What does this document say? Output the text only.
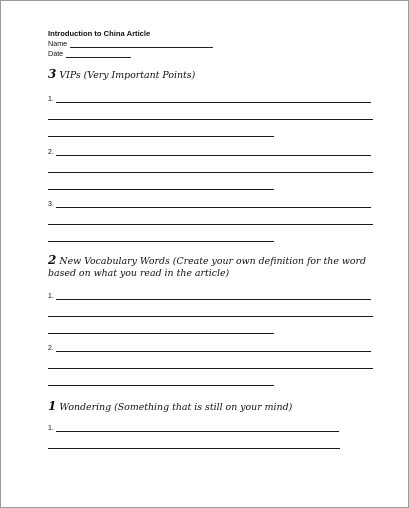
Introduction to China Article
Name
Date
3 VIPs (Very Important Points)
1.
2.
3.
2 New Vocabulary Words (Create your own definition for the word
based on what you read in the article)
1.
2.
1 Wondering (Something that is still on your mind)
1.
